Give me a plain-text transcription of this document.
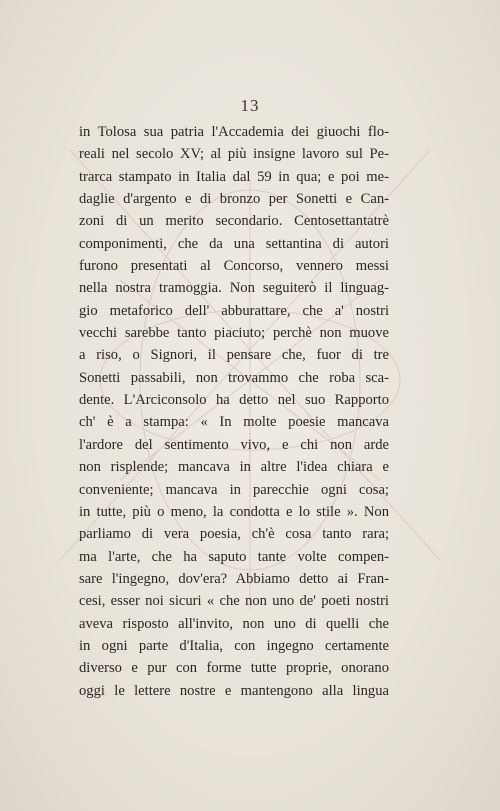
13
in Tolosa sua patria l'Accademia dei giuochi flo-
reali nel secolo XV; al più insigne lavoro sul Pe-
trarca stampato in Italia dal 59 in qua; e poi me-
daglie d'argento e di bronzo per Sonetti e Can-
zoni di un merito secondario. Centosettantatrè
componimenti, che da una settantina di autori
furono presentati al Concorso, vennero messi
nella nostra tramoggia. Non seguiterò il linguag-
gio metaforico dell' abburattare, che a' nostri
vecchi sarebbe tanto piaciuto; perchè non muove
a riso, o Signori, il pensare che, fuor di tre
Sonetti passabili, non trovammo che roba sca-
dente. L'Arciconsolo ha detto nel suo Rapporto
ch' è a stampa: « In molte poesie mancava
l'ardore del sentimento vivo, e chi non arde
non risplende; mancava in altre l'idea chiara e
conveniente; mancava in parecchie ogni cosa;
in tutte, più o meno, la condotta e lo stile ». Non
parliamo di vera poesia, ch'è cosa tanto rara;
ma l'arte, che ha saputo tante volte compen-
sare l'ingegno, dov'era? Abbiamo detto ai Fran-
cesi, esser noi sicuri « che non uno de' poeti nostri
aveva risposto all'invito, non uno di quelli che
in ogni parte d'Italia, con ingegno certamente
diverso e pur con forme tutte proprie, onorano
oggi le lettere nostre e mantengono alla lingua
